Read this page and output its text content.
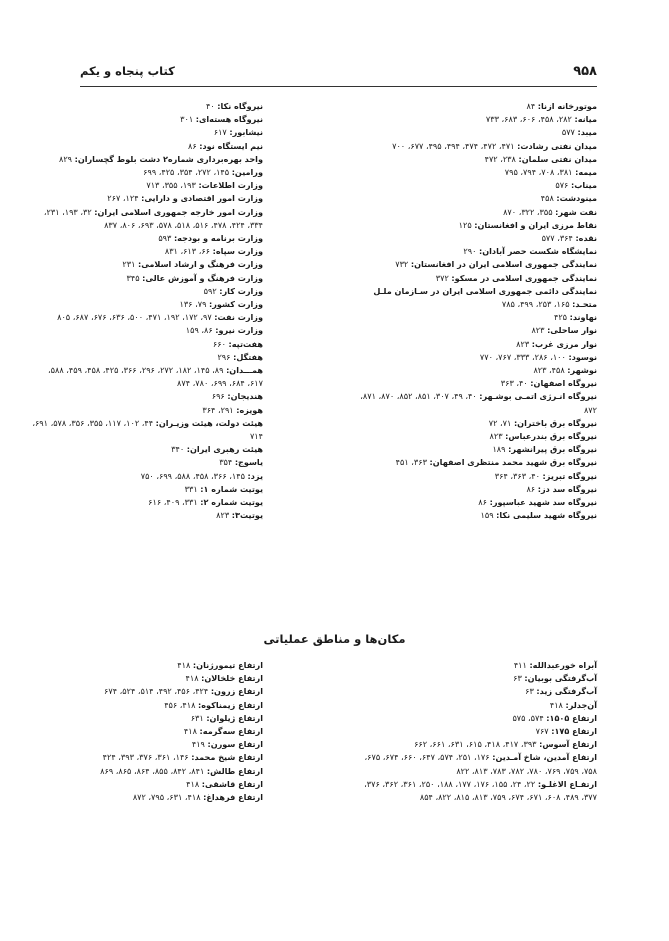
۹۵۸
کتاب پنجاه و یکم
موتورخانه ازنا: ۸۴
میانه: ۲۸۲، ۴۵۸، ۶۰۶، ۶۸۳، ۷۳۳
میبد: ۵۷۷
میدان نفتی رشادت: ۴۷۱، ۴۷۲، ۴۷۴، ۴۹۴، ۴۹۵، ۶۷۷، ۷۰۰
میدان نفتی سلمان: ۲۳۸، ۴۷۲
میمه: ۳۸۱، ۷۰۸، ۷۹۴، ۷۹۵
میناب: ۵۷۶
مینودشت: ۴۵۸
نفت شهر: ۳۵۵، ۳۲۲، ۸۷۰
نقاط مرزی ایران و افغانستان: ۱۲۵
نقده: ۳۶۴، ۵۷۷
نمایشگاه شکست حصر آبادان: ۲۹۰
نمایندگی جمهوری اسلامی ایران در افغانستان: ۷۳۲
نمایندگی جمهوری اسلامی در مسکو: ۳۷۲
نمایندگی دائمی جمهوری اسلامی ایران در سـازمان ملـل متحـد: ۱۶۵، ۲۵۳، ۴۹۹، ۷۸۵
نهاوند: ۴۲۵
نوار ساحلی: ۸۲۳
نوار مرزی غرب: ۸۲۳
نوسود: ۱۰۰، ۲۸۶، ۳۳۳، ۷۶۷، ۷۷۰
نوشهر: ۴۵۸، ۸۲۳
نیروگاه اصفهان: ۴۰، ۳۶۳
نیروگاه انـرژی اتمـی بوشـهر: ۴۰، ۴۹، ۳۰۷، ۸۵۱، ۸۵۲، ۸۷۰، ۸۷۱، ۸۷۲
نیروگاه برق باختران: ۷۱، ۷۲
نیروگاه برق بندرعباس: ۸۲۳
نیروگاه برق پیرانشهر: ۱۸۹
نیروگاه برق شهید محمد منتظری اصفهان: ۳۶۳، ۴۵۱
نیروگاه تبریز: ۴۰، ۳۶۳، ۳۶۴
نیروگاه سد دز: ۸۶
نیروگاه سد شهید عباسپور: ۸۶
نیروگاه شهید سلیمی نکا: ۱۵۹
نیروگاه نکا: ۴۰
نیروگاه هسته‌ای: ۳۰۱
نیشابور: ۶۱۷
نیم ایستگاه نود: ۸۶
واحد بهره‌برداری شماره۲ دشت بلوط گچساران: ۸۲۹
ورامین: ۱۴۵، ۲۷۲، ۳۵۴، ۴۲۵، ۶۹۹
وزارت اطلاعات: ۱۹۳، ۳۵۵، ۷۱۳
وزارت امور اقتصادی و دارایی: ۱۲۴، ۲۶۷
وزارت امور خارجه جمهوری اسلامی ایران: ۳۲، ۱۹۳، ۲۳۱، ۳۳۴، ۴۲۴، ۴۷۸، ۵۱۶، ۵۱۸، ۵۷۸، ۶۹۳، ۸۰۶، ۸۳۷
وزارت برنامه و بودجه: ۵۹۳
وزارت سپاه: ۶۶، ۶۱۳، ۸۳۱
وزارت فرهنگ و ارشاد اسلامی: ۲۳۱
وزارت فرهنگ و آموزش عالی: ۳۴۵
وزارت کار: ۵۹۲
وزارت کشور: ۷۹، ۱۳۶
وزارت نفت: ۹۷، ۱۷۲، ۱۹۲، ۴۷۱، ۵۰۰، ۶۳۶، ۶۷۶، ۶۸۷، ۸۰۵
وزارت نیرو: ۸۶، ۱۵۹
هفت‌تپه: ۶۶۰
هفتگل: ۲۹۶
همـــدان: ۸۹، ۱۴۵، ۱۸۲، ۲۷۲، ۲۹۶، ۳۶۶، ۴۲۵، ۴۵۸، ۴۵۹، ۵۸۸، ۶۱۷، ۶۸۴، ۶۹۹، ۷۸۰، ۸۷۴
هندیجان: ۶۹۶
هویزه: ۲۹۱، ۳۶۴
هیئت دولت، هیئت وزیـران: ۴۴، ۱۰۲، ۱۱۷، ۳۵۵، ۳۵۶، ۵۷۸، ۶۹۱، ۷۱۴
هیئت رهبری ایران: ۳۴۰
یاسوج: ۳۵۴
یزد: ۱۴۵، ۳۶۶، ۴۵۸، ۵۸۸، ۶۹۹، ۷۵۰
یوتیت شماره ۱: ۳۳۱
یوتیت شماره ۲: ۳۳۱، ۴۰۹، ۶۱۶
یوتیت۳: ۸۲۳
مکان‌ها و مناطق عملیاتی
آبراه خورعبدالله: ۴۱۱
آب‌گرفتگی بوبیان: ۶۳
آب‌گرفتگی زید: ۶۳
آن‌جدلر: ۴۱۸
ارتفاع ۱۵۰۵: ۵۷۴، ۵۷۵
ارتفاع ۱۷۵: ۷۶۷
ارتفاع آسوس: ۳۹۳، ۴۱۷، ۴۱۸، ۶۱۵، ۶۳۱، ۶۶۱، ۶۶۲
ارتفاع آمدین، شاخ آمـدین: ۱۷۶، ۲۵۱، ۵۷۴، ۶۴۷، ۶۶۰، ۶۷۴، ۶۷۵، ۷۵۸، ۷۵۹، ۷۶۹، ۷۸۰، ۷۸۲، ۷۸۳، ۸۱۳، ۸۲۲
ارتفـاع الاغلـو: ۲۲، ۲۴، ۱۵۵، ۱۷۶، ۱۷۷، ۱۸۸، ۲۵۰، ۳۶۱، ۳۶۲، ۳۷۶، ۳۷۷، ۴۸۹، ۶۰۸، ۶۷۱، ۶۷۴، ۷۵۹، ۸۱۳، ۸۱۵، ۸۲۲، ۸۵۴
ارتفاع تیمورژنان: ۴۱۸
ارتفاع خلخالان: ۴۱۸
ارتفاع زرون: ۴۲۴، ۴۵۶، ۴۹۲، ۵۱۴، ۵۲۴، ۶۷۴
ارتفاع زیمناکوه: ۴۱۸، ۴۵۶
ارتفاع ژیلوان: ۶۳۱
ارتفاع سه‌گرمه: ۴۱۸
ارتفاع سورن: ۴۱۹
ارتفاع شیخ محمد: ۱۴۶، ۳۶۱، ۳۷۶، ۳۹۳، ۴۲۴
ارتفاع طالش: ۸۴۱، ۸۴۲، ۸۵۵، ۸۶۴، ۸۶۵، ۸۶۹
ارتفاع قاشقی: ۴۱۸
ارتفاع فرهداغ: ۴۱۸، ۶۳۱، ۷۹۵، ۸۷۲
